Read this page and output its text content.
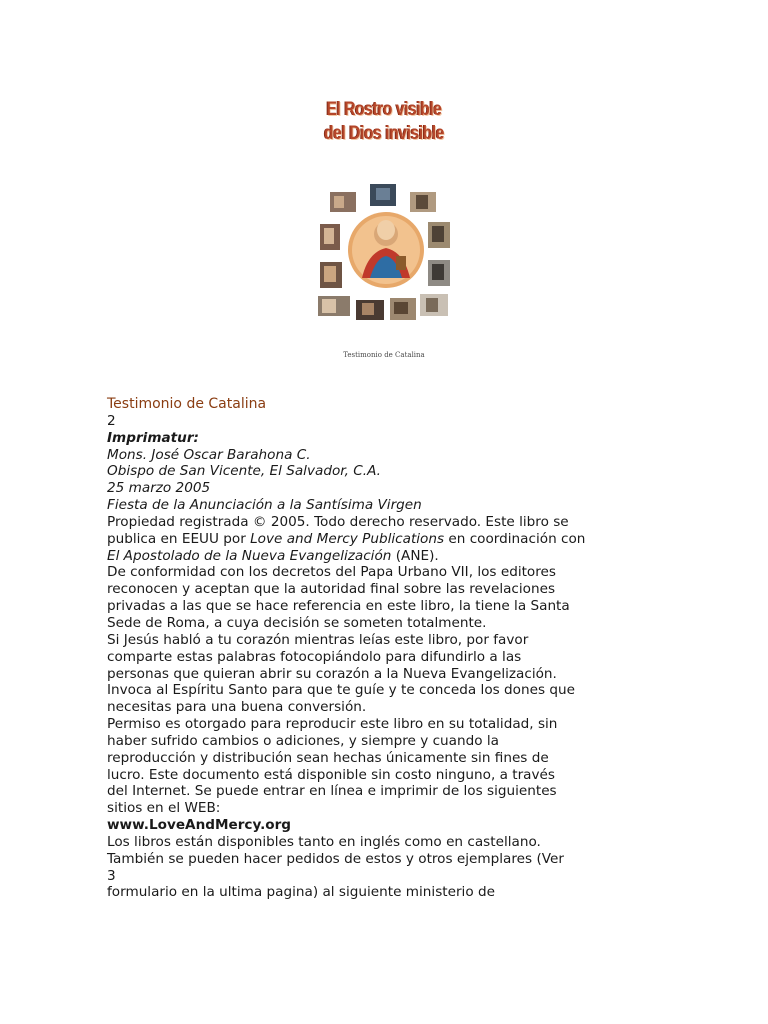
El Rostro visible
del Dios invisible
Testimonio de Catalina

Testimonio de Catalina

2

Imprimatur:

Mons. José Oscar Barahona C.

Obispo de San Vicente, El Salvador, C.A.

25 marzo 2005

Fiesta de la Anunciación a la Santísima Virgen

Propiedad registrada © 2005. Todo derecho reservado. Este libro se

publica en EEUU por Love and Mercy Publications en coordinación con

El Apostolado de la Nueva Evangelización (ANE).

De conformidad con los decretos del Papa Urbano VII, los editores

reconocen y aceptan que la autoridad final sobre las revelaciones

privadas a las que se hace referencia en este libro, la tiene la Santa

Sede de Roma, a cuya decisión se someten totalmente.

Si Jesús habló a tu corazón mientras leías este libro, por favor

comparte estas palabras fotocopiándolo para difundirlo a las

personas que quieran abrir su corazón a la Nueva Evangelización.

Invoca al Espíritu Santo para que te guíe y te conceda los dones que

necesitas para una buena conversión.

Permiso es otorgado para reproducir este libro en su totalidad, sin

haber sufrido cambios o adiciones, y siempre y cuando la

reproducción y distribución sean hechas únicamente sin fines de

lucro. Este documento está disponible sin costo ninguno, a través

del Internet. Se puede entrar en línea e imprimir de los siguientes

sitios en el WEB:

www.LoveAndMercy.org

Los libros están disponibles tanto en inglés como en castellano.

También se pueden hacer pedidos de estos y otros ejemplares (Ver

3

formulario en la ultima pagina) al siguiente ministerio de
